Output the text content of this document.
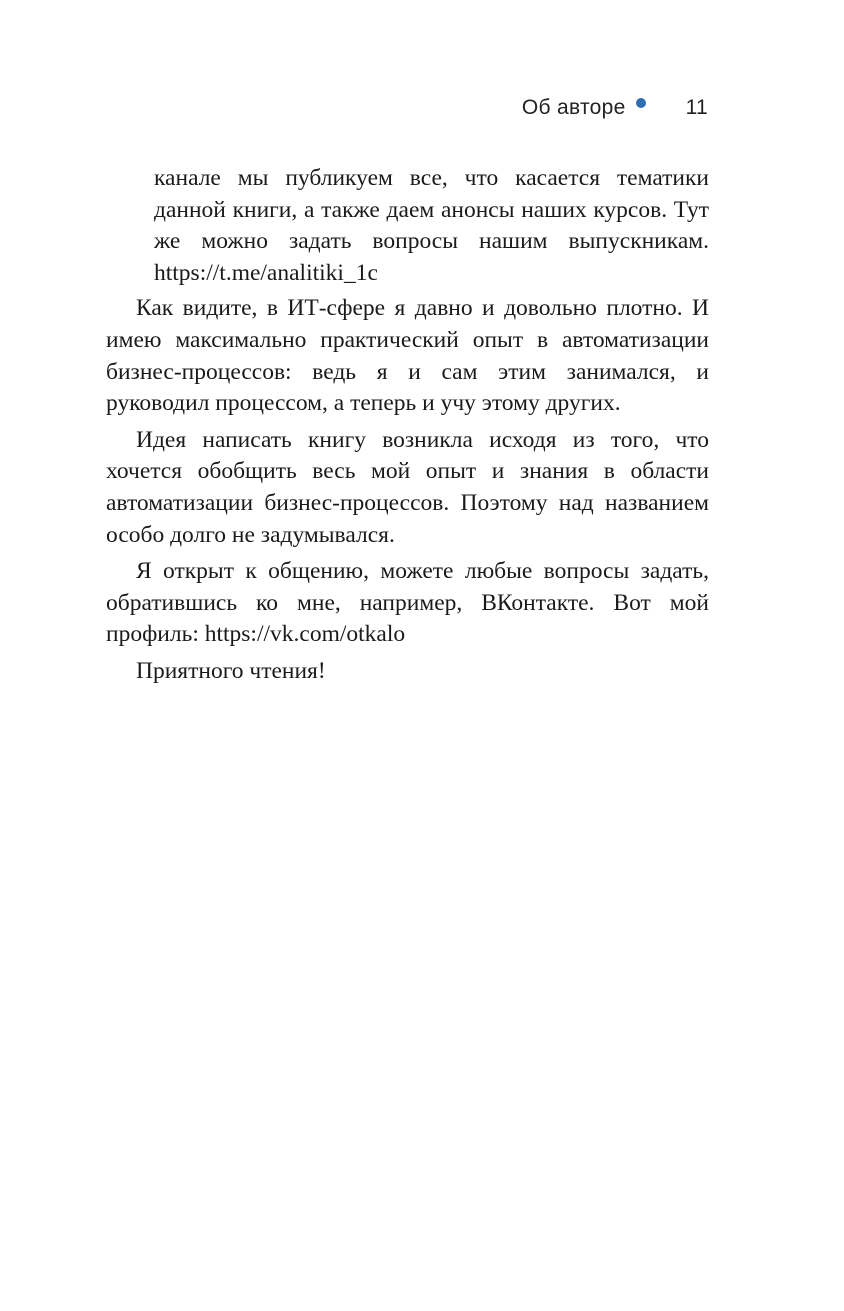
Об авторе	11

канале мы публикуем все, что касается тематики данной книги, а также даем анонсы наших курсов. Тут же можно задать вопросы нашим выпускникам. https://t.me/analitiki_1c

Как видите, в ИТ-сфере я давно и довольно плотно. И имею максимально практический опыт в автоматизации бизнес-процессов: ведь я и сам этим занимался, и руководил процессом, а теперь и учу этому других.

Идея написать книгу возникла исходя из того, что хочется обобщить весь мой опыт и знания в области автоматизации бизнес-процессов. Поэтому над названием особо долго не задумывался.

Я открыт к общению, можете любые вопросы задать, обратившись ко мне, например, ВКонтакте. Вот мой профиль: https://vk.com/otkalo

Приятного чтения!
